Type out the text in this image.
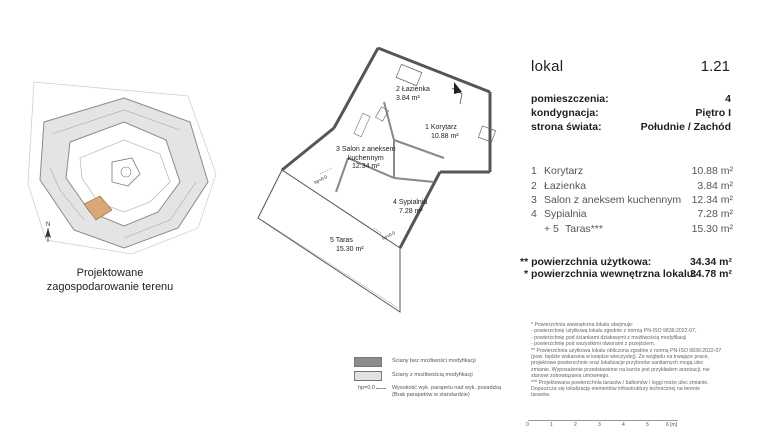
N
Projektowane
zagospodarowanie terenu
2 Łazienka
3.84 m²
1 Korytarz
10.88 m²
3 Salon z aneksem
kuchennym
12.34 m²
4 Sypialnia
7.28 m²
5 Taras
15.30 m²
hp=0.0
hp=0.0
Ściany bez możliwości modyfikacji
Ściany z możliwością modyfikacji
hp=0.0	Wysokość wyk. parapetu nad wyk. posadzką
(Brak parapetów w standardzie)
lokal	1.21
pomieszczenia:	4
kondygnacja:	Piętro I
strona świata:	Południe / Zachód
1 Korytarz	10.88 m²
2 Łazienka	3.84 m²
3 Salon z aneksem kuchennym 12.34 m²
4 Sypialnia	7.28 m²
+ 5 Taras***	15.30 m²
** powierzchnia użytkowa:	34.34 m²
* powierzchnia wewnętrzna lokalu:
34.78 m²
* Powierzchnia wewnętrzna lokalu obejmuje:
- powierzchnię użytkową lokalu zgodnie z normą PN-ISO 9836:2022-07,
- powierzchnię pod ściankami działowymi z możliwością modyfikacji
- powierzchnię pod wszystkimi otworami z przejściem.
** Powierzchnia użytkowa lokalu obliczona zgodnie z normą PN-ISO 9836:2022-07
(pow. będzie wskazana w księdze wieczystej). Ze względu na trwające prace,
projektowe powierzchnie oraz lokalizacje przyborów sanitarnych mogą ulec
zmianie. Wyposażenie przedstawione na karcie jest przykładem aranżacji, nie
stanowi zobowiązania umownego.
*** Projektowana powierzchnia tarasów / balkonów / loggi może ulec zmianie.
Dopuszcza się lokalizację elementów infrastruktury technicznej na terenie
tarasów.
0	1	2	3	4	5	6 [m]
